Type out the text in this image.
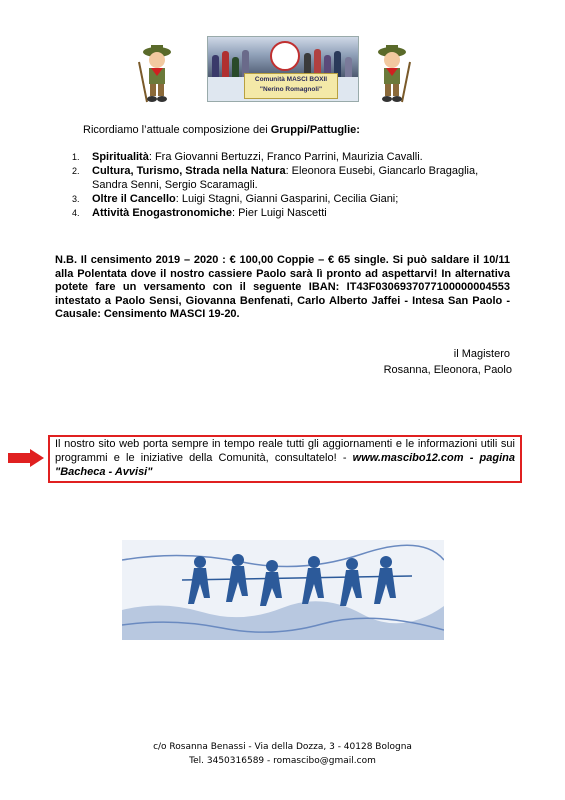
Comunità MASCI BOXII
"Nerino Romagnoli"
Ricordiamo l’attuale composizione dei Gruppi/Pattuglie:
1.	Spiritualità: Fra Giovanni Bertuzzi, Franco Parrini, Maurizia Cavalli.
2.	Cultura, Turismo, Strada nella Natura: Eleonora Eusebi, Giancarlo Bragaglia, Sandra Senni, Sergio Scaramagli.
3.	Oltre il Cancello: Luigi Stagni, Gianni Gasparini, Cecilia Giani;
4.	Attività Enogastronomiche: Pier Luigi Nascetti
N.B. Il censimento 2019 – 2020 : € 100,00 Coppie – € 65 single. Si può saldare il 10/11 alla Polentata dove il nostro cassiere Paolo sarà lì pronto ad aspettarvi! In alternativa potete fare un versamento con il seguente IBAN: IT43F0306937077100000004553 intestato a Paolo Sensi, Giovanna Benfenati, Carlo Alberto Jaffei - Intesa San Paolo - Causale: Censimento MASCI 19-20.
il Magistero
Rosanna, Eleonora, Paolo
Il nostro sito web porta sempre in tempo reale tutti gli aggiornamenti e le informazioni utili sui programmi e le iniziative della Comunità, consultatelo! - www.mascibo12.com - pagina "Bacheca - Avvisi"
c/o Rosanna Benassi - Via della Dozza, 3 - 40128 Bologna
Tel. 3450316589 - romascibo@gmail.com
